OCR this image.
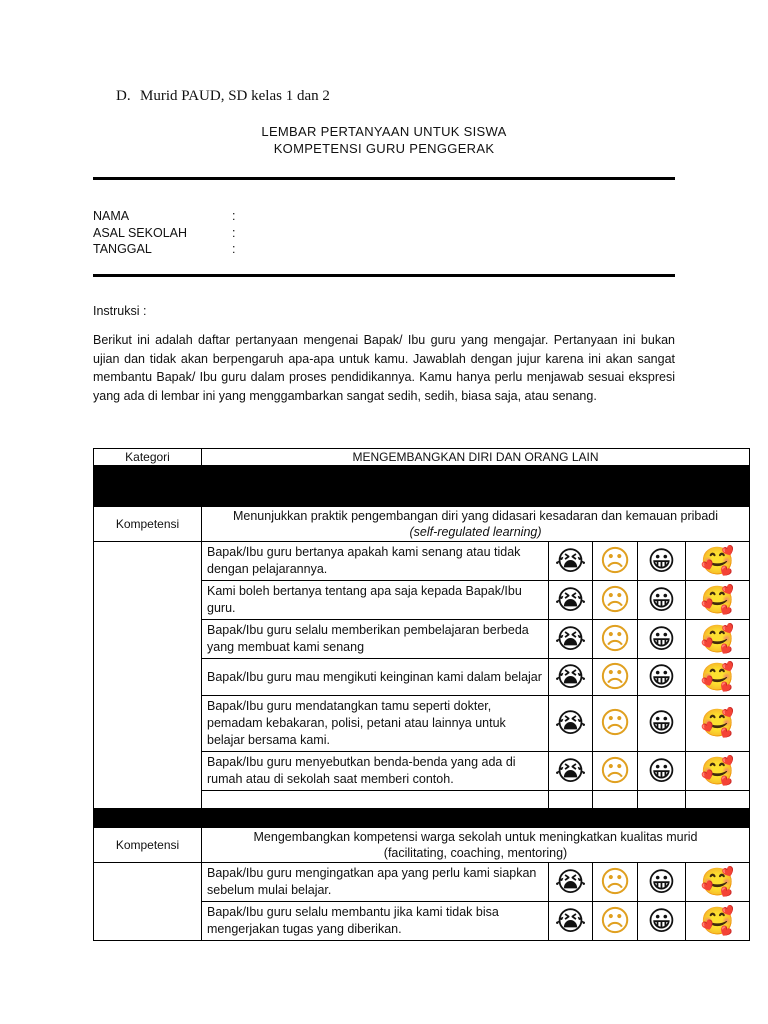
D. Murid PAUD, SD kelas 1 dan 2
LEMBAR PERTANYAAN UNTUK SISWA
KOMPETENSI GURU PENGGERAK
NAMA	:
ASAL SEKOLAH	:
TANGGAL	:
Instruksi :
Berikut ini adalah daftar pertanyaan mengenai Bapak/ Ibu guru yang mengajar. Pertanyaan ini bukan ujian dan tidak akan berpengaruh apa-apa untuk kamu. Jawablah dengan jujur karena ini akan sangat membantu Bapak/ Ibu guru dalam proses pendidikannya. Kamu hanya perlu menjawab sesuai ekspresi yang ada di lembar ini yang menggambarkan sangat sedih, sedih, biasa saja, atau senang.
Kategori	MENGEMBANGKAN DIRI DAN ORANG LAIN				

Kompetensi	Menunjukkan praktik pengembangan diri yang didasari kesadaran dan kemauan pribadi
(self-regulated learning)				

	Bapak/Ibu guru bertanya apakah kami senang atau tidak dengan pelajarannya.	😭	☹	😀	🥰
	Kami boleh bertanya tentang apa saja kepada Bapak/Ibu guru.	😭	☹	😀	🥰
	Bapak/Ibu guru selalu memberikan pembelajaran berbeda yang membuat kami senang	😭	☹	😀	🥰
	Bapak/Ibu guru mau mengikuti keinginan kami dalam belajar	😭	☹	😀	🥰
	Bapak/Ibu guru mendatangkan tamu seperti dokter, pemadam kebakaran, polisi, petani atau lainnya untuk belajar bersama kami.	😭	☹	😀	🥰
	Bapak/Ibu guru menyebutkan benda-benda yang ada di rumah atau di sekolah saat memberi contoh.	😭	☹	😀	🥰

Kompetensi	Mengembangkan kompetensi warga sekolah untuk meningkatkan kualitas murid
(facilitating, coaching, mentoring)				

	Bapak/Ibu guru mengingatkan apa yang perlu kami siapkan sebelum mulai belajar.	😭	☹	😀	🥰
	Bapak/Ibu guru selalu membantu jika kami tidak bisa mengerjakan tugas yang diberikan.	😭	☹	😀	🥰
